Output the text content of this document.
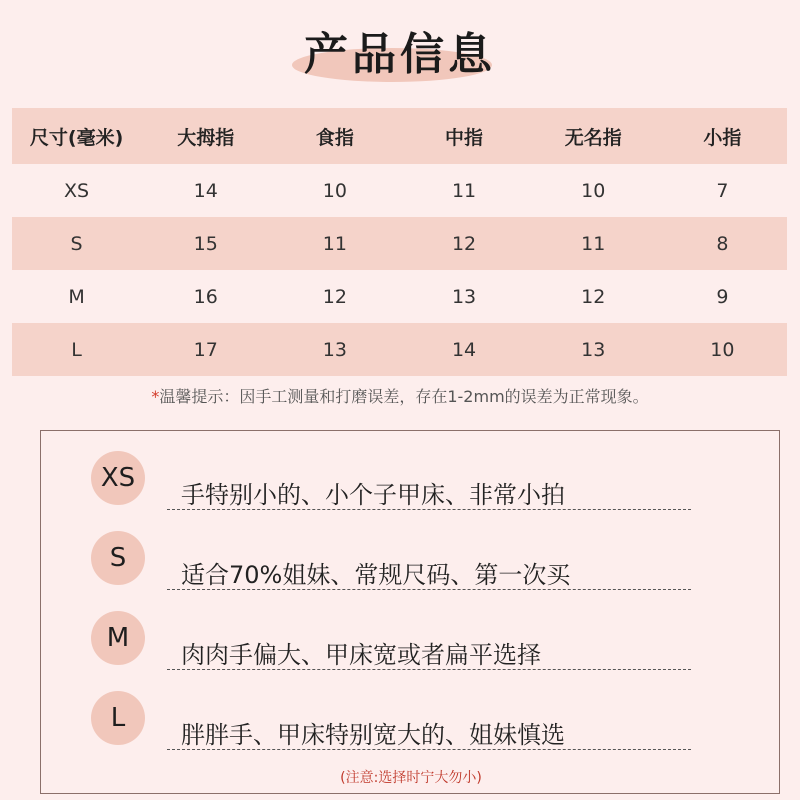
产品信息
尺寸(毫米)	大拇指	食指	中指	无名指	小指
XS	14	10	11	10	7
S	15	11	12	11	8
M	16	12	13	12	9
L	17	13	14	13	10
*温馨提示：因手工测量和打磨误差，存在1-2mm的误差为正常现象。
XS
手特别小的、小个子甲床、非常小拍
S
适合70%姐妹、常规尺码、第一次买
M
肉肉手偏大、甲床宽或者扁平选择
L
胖胖手、甲床特别宽大的、姐妹慎选
(注意:选择时宁大勿小)
